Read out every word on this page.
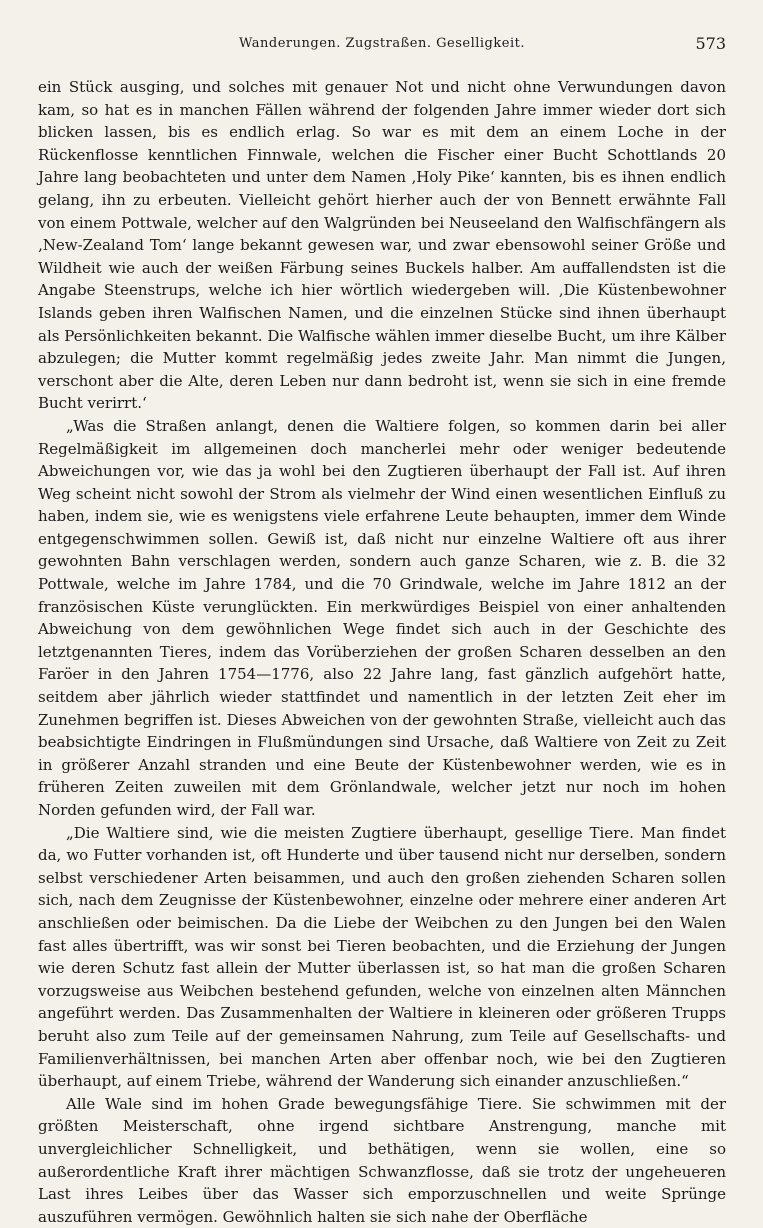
Wanderungen. Zugstraßen. Geselligkeit.	573

ein Stück ausging, und solches mit genauer Not und nicht ohne Verwundungen davon kam, so hat es in manchen Fällen während der folgenden Jahre immer wieder dort sich blicken lassen, bis es endlich erlag. So war es mit dem an einem Loche in der Rückenflosse kenntlichen Finnwale, welchen die Fischer einer Bucht Schottlands 20 Jahre lang beobachteten und unter dem Namen ‚Holy Pike‘ kannten, bis es ihnen endlich gelang, ihn zu erbeuten. Vielleicht gehört hierher auch der von Bennett erwähnte Fall von einem Pottwale, welcher auf den Walgründen bei Neuseeland den Walfischfängern als ‚New-Zealand Tom‘ lange bekannt gewesen war, und zwar ebensowohl seiner Größe und Wildheit wie auch der weißen Färbung seines Buckels halber. Am auffallendsten ist die Angabe Steenstrups, welche ich hier wörtlich wiedergeben will. ‚Die Küstenbewohner Islands geben ihren Walfischen Namen, und die einzelnen Stücke sind ihnen überhaupt als Persönlichkeiten bekannt. Die Walfische wählen immer dieselbe Bucht, um ihre Kälber abzulegen; die Mutter kommt regelmäßig jedes zweite Jahr. Man nimmt die Jungen, verschont aber die Alte, deren Leben nur dann bedroht ist, wenn sie sich in eine fremde Bucht verirrt.‘

„Was die Straßen anlangt, denen die Waltiere folgen, so kommen darin bei aller Regelmäßigkeit im allgemeinen doch mancherlei mehr oder weniger bedeutende Abweichungen vor, wie das ja wohl bei den Zugtieren überhaupt der Fall ist. Auf ihren Weg scheint nicht sowohl der Strom als vielmehr der Wind einen wesentlichen Einfluß zu haben, indem sie, wie es wenigstens viele erfahrene Leute behaupten, immer dem Winde entgegenschwimmen sollen. Gewiß ist, daß nicht nur einzelne Waltiere oft aus ihrer gewohnten Bahn verschlagen werden, sondern auch ganze Scharen, wie z. B. die 32 Pottwale, welche im Jahre 1784, und die 70 Grindwale, welche im Jahre 1812 an der französischen Küste verunglückten. Ein merkwürdiges Beispiel von einer anhaltenden Abweichung von dem gewöhnlichen Wege findet sich auch in der Geschichte des letztgenannten Tieres, indem das Vorüberziehen der großen Scharen desselben an den Faröer in den Jahren 1754—1776, also 22 Jahre lang, fast gänzlich aufgehört hatte, seitdem aber jährlich wieder stattfindet und namentlich in der letzten Zeit eher im Zunehmen begriffen ist. Dieses Abweichen von der gewohnten Straße, vielleicht auch das beabsichtigte Eindringen in Flußmündungen sind Ursache, daß Waltiere von Zeit zu Zeit in größerer Anzahl stranden und eine Beute der Küstenbewohner werden, wie es in früheren Zeiten zuweilen mit dem Grönlandwale, welcher jetzt nur noch im hohen Norden gefunden wird, der Fall war.

„Die Waltiere sind, wie die meisten Zugtiere überhaupt, gesellige Tiere. Man findet da, wo Futter vorhanden ist, oft Hunderte und über tausend nicht nur derselben, sondern selbst verschiedener Arten beisammen, und auch den großen ziehenden Scharen sollen sich, nach dem Zeugnisse der Küstenbewohner, einzelne oder mehrere einer anderen Art anschließen oder beimischen. Da die Liebe der Weibchen zu den Jungen bei den Walen fast alles übertrifft, was wir sonst bei Tieren beobachten, und die Erziehung der Jungen wie deren Schutz fast allein der Mutter überlassen ist, so hat man die großen Scharen vorzugsweise aus Weibchen bestehend gefunden, welche von einzelnen alten Männchen angeführt werden. Das Zusammenhalten der Waltiere in kleineren oder größeren Trupps beruht also zum Teile auf der gemeinsamen Nahrung, zum Teile auf Gesellschafts- und Familienverhältnissen, bei manchen Arten aber offenbar noch, wie bei den Zugtieren überhaupt, auf einem Triebe, während der Wanderung sich einander anzuschließen.“

Alle Wale sind im hohen Grade bewegungsfähige Tiere. Sie schwimmen mit der größten Meisterschaft, ohne irgend sichtbare Anstrengung, manche mit unvergleichlicher Schnelligkeit, und bethätigen, wenn sie wollen, eine so außerordentliche Kraft ihrer mächtigen Schwanzflosse, daß sie trotz der ungeheueren Last ihres Leibes über das Wasser sich emporzuschnellen und weite Sprünge auszuführen vermögen. Gewöhnlich halten sie sich nahe der Oberfläche
